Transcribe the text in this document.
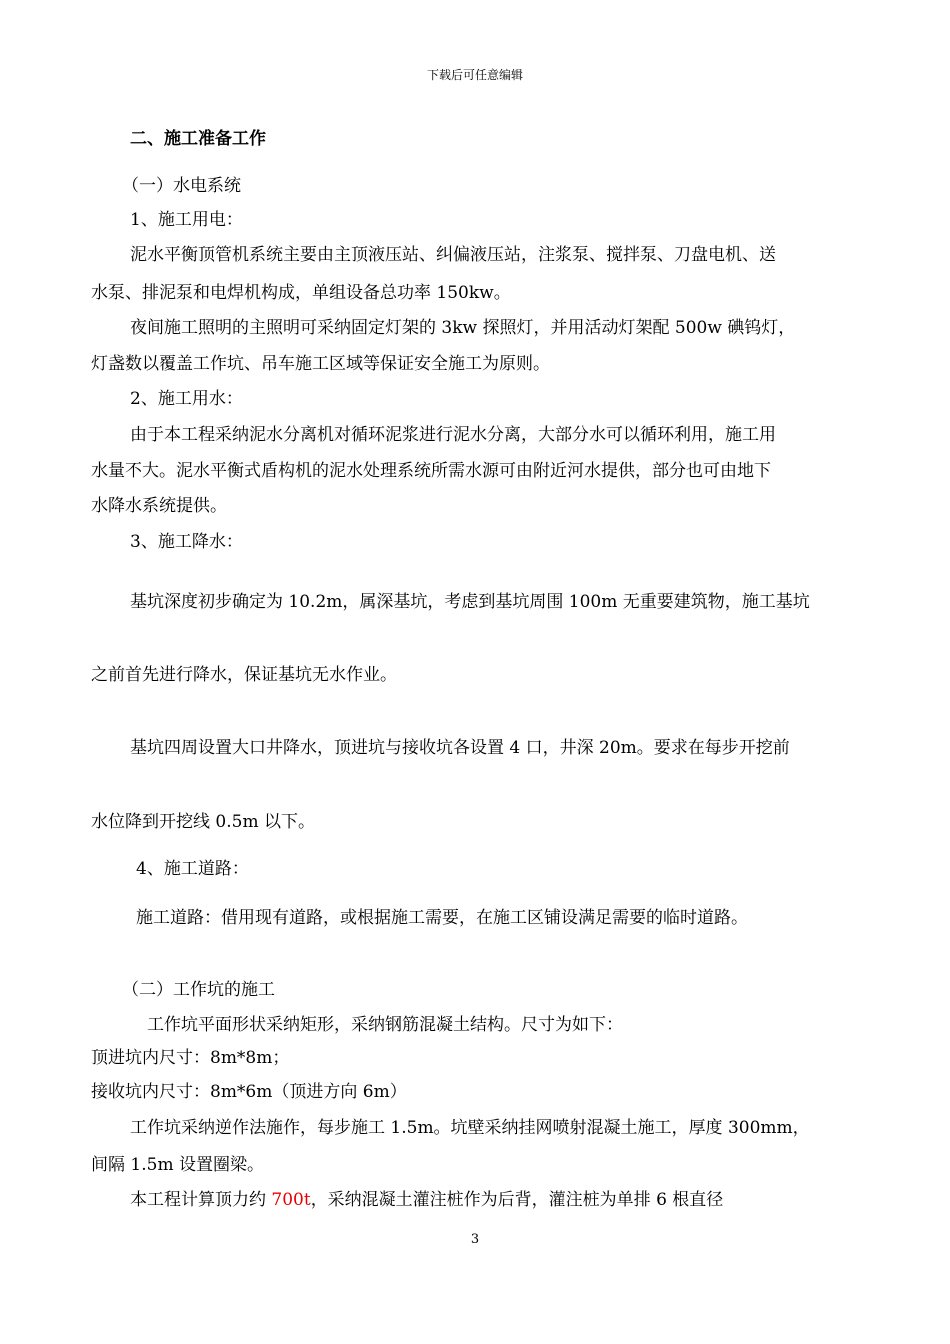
下载后可任意编辑
二、施工准备工作
（一）水电系统
1、施工用电：
泥水平衡顶管机系统主要由主顶液压站、纠偏液压站，注浆泵、搅拌泵、刀盘电机、送
水泵、排泥泵和电焊机构成，单组设备总功率 150kw。
夜间施工照明的主照明可采纳固定灯架的 3kw 探照灯，并用活动灯架配 500w 碘钨灯，
灯盏数以覆盖工作坑、吊车施工区域等保证安全施工为原则。
2、施工用水：
由于本工程采纳泥水分离机对循环泥浆进行泥水分离，大部分水可以循环利用，施工用
水量不大。泥水平衡式盾构机的泥水处理系统所需水源可由附近河水提供，部分也可由地下
水降水系统提供。
3、施工降水：
基坑深度初步确定为 10.2m，属深基坑，考虑到基坑周围 100m 无重要建筑物，施工基坑
之前首先进行降水，保证基坑无水作业。
基坑四周设置大口井降水，顶进坑与接收坑各设置 4 口，井深 20m。要求在每步开挖前
水位降到开挖线 0.5m 以下。
4、施工道路：
施工道路：借用现有道路，或根据施工需要，在施工区铺设满足需要的临时道路。
（二）工作坑的施工
工作坑平面形状采纳矩形，采纳钢筋混凝土结构。尺寸为如下：
顶进坑内尺寸：8m*8m；
接收坑内尺寸：8m*6m（顶进方向 6m）
工作坑采纳逆作法施作，每步施工 1.5m。坑壁采纳挂网喷射混凝土施工，厚度 300mm，
间隔 1.5m 设置圈梁。
本工程计算顶力约 700t，采纳混凝土灌注桩作为后背，灌注桩为单排 6 根直径
3
